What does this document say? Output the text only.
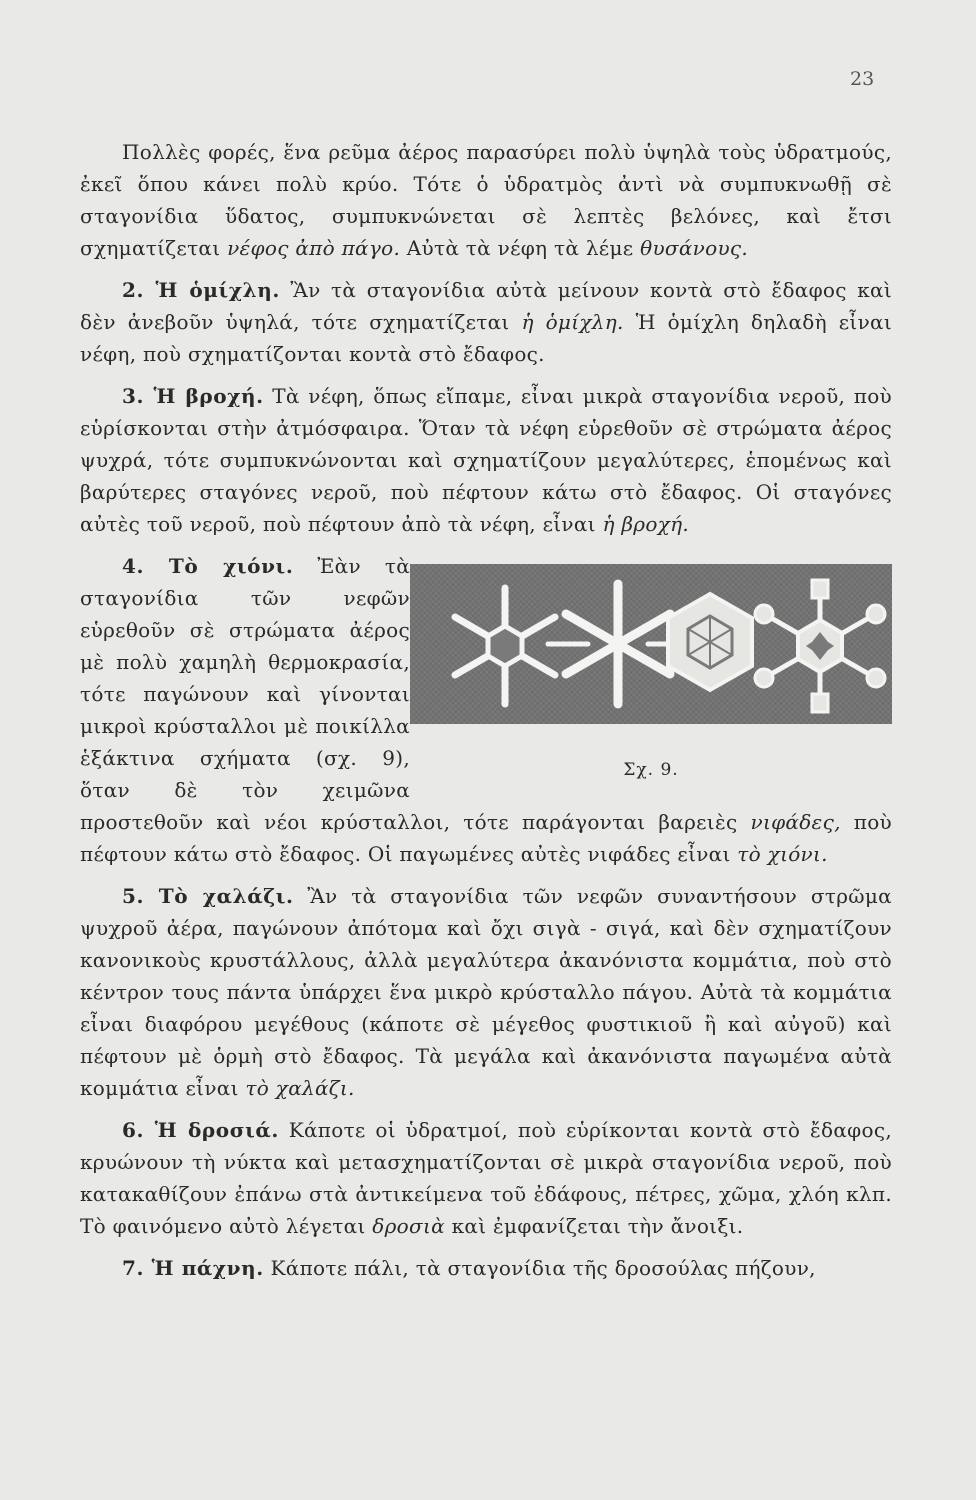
23

Πολλὲς φορές, ἕνα ρεῦμα ἀέρος παρασύρει πολὺ ὑψηλὰ τοὺς ὑδρατμούς, ἐκεῖ ὅπου κάνει πολὺ κρύο. Τότε ὁ ὑδρατμὸς ἀντὶ νὰ συμπυκνωθῇ σὲ σταγονίδια ὕδατος, συμπυκνώνεται σὲ λεπτὲς βελόνες, καὶ ἔτσι σχηματίζεται νέφος ἀπὸ πάγο. Αὐτὰ τὰ νέφη τὰ λέμε θυσάνους.

2. Ἡ ὁμίχλη. Ἂν τὰ σταγονίδια αὐτὰ μείνουν κοντὰ στὸ ἔδαφος καὶ δὲν ἀνεβοῦν ὑψηλά, τότε σχηματίζεται ἡ ὁμίχλη. Ἡ ὁμίχλη δηλαδὴ εἶναι νέφη, ποὺ σχηματίζονται κοντὰ στὸ ἔδαφος.

3. Ἡ βροχή. Τὰ νέφη, ὅπως εἴπαμε, εἶναι μικρὰ σταγονίδια νεροῦ, ποὺ εὑρίσκονται στὴν ἀτμόσφαιρα. Ὅταν τὰ νέφη εὑρεθοῦν σὲ στρώματα ἀέρος ψυχρά, τότε συμπυκνώνονται καὶ σχηματίζουν μεγαλύτερες, ἑπομένως καὶ βαρύτερες σταγόνες νεροῦ, ποὺ πέφτουν κάτω στὸ ἔδαφος. Οἱ σταγόνες αὐτὲς τοῦ νεροῦ, ποὺ πέφτουν ἀπὸ τὰ νέφη, εἶναι ἡ βροχή.

Σχ. 9.

4. Τὸ χιόνι. Ἐὰν τὰ σταγονίδια τῶν νεφῶν εὑρεθοῦν σὲ στρώματα ἀέρος μὲ πολὺ χαμηλὴ θερμοκρασία, τότε παγώνουν καὶ γίνονται μικροὶ κρύσταλλοι μὲ ποικίλλα ἑξάκτινα σχήματα (σχ. 9), ὅταν δὲ τὸν χειμῶνα προστεθοῦν καὶ νέοι κρύσταλλοι, τότε παράγονται βαρειὲς νιφάδες, ποὺ πέφτουν κάτω στὸ ἔδαφος. Οἱ παγωμένες αὐτὲς νιφάδες εἶναι τὸ χιόνι.

5. Τὸ χαλάζι. Ἂν τὰ σταγονίδια τῶν νεφῶν συναντήσουν στρῶμα ψυχροῦ ἀέρα, παγώνουν ἀπότομα καὶ ὄχι σιγὰ - σιγά, καὶ δὲν σχηματίζουν κανονικοὺς κρυστάλλους, ἀλλὰ μεγαλύτερα ἀκανόνιστα κομμάτια, ποὺ στὸ κέντρον τους πάντα ὑπάρχει ἕνα μικρὸ κρύσταλλο πάγου. Αὐτὰ τὰ κομμάτια εἶναι διαφόρου μεγέθους (κάποτε σὲ μέγεθος φυστικιοῦ ἢ καὶ αὐγοῦ) καὶ πέφτουν μὲ ὁρμὴ στὸ ἔδαφος. Τὰ μεγάλα καὶ ἀκανόνιστα παγωμένα αὐτὰ κομμάτια εἶναι τὸ χαλάζι.

6. Ἡ δροσιά. Κάποτε οἱ ὑδρατμοί, ποὺ εὑρίκονται κοντὰ στὸ ἔδαφος, κρυώνουν τὴ νύκτα καὶ μετασχηματίζονται σὲ μικρὰ σταγονίδια νεροῦ, ποὺ κατακαθίζουν ἐπάνω στὰ ἀντικείμενα τοῦ ἐδάφους, πέτρες, χῶμα, χλόη κλπ. Τὸ φαινόμενο αὐτὸ λέγεται δροσιὰ καὶ ἐμφανίζεται τὴν ἄνοιξι.

7. Ἡ πάχνη. Κάποτε πάλι, τὰ σταγονίδια τῆς δροσούλας πήζουν,
